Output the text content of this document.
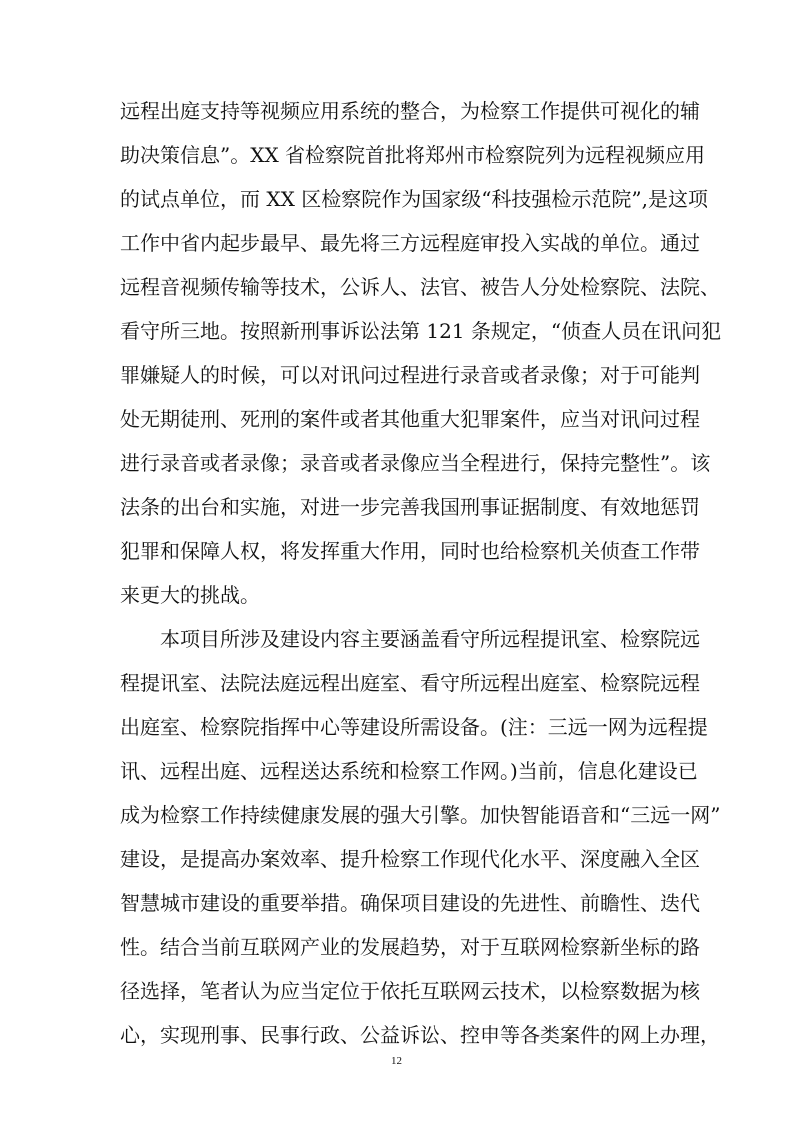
远程出庭支持等视频应用系统的整合，为检察工作提供可视化的辅
助决策信息”。XX 省检察院首批将郑州市检察院列为远程视频应用
的试点单位，而 XX 区检察院作为国家级“科技强检示范院”,是这项
工作中省内起步最早、最先将三方远程庭审投入实战的单位。通过
远程音视频传输等技术，公诉人、法官、被告人分处检察院、法院、
看守所三地。按照新刑事诉讼法第 121 条规定，“侦查人员在讯问犯
罪嫌疑人的时候，可以对讯问过程进行录音或者录像；对于可能判
处无期徒刑、死刑的案件或者其他重大犯罪案件，应当对讯问过程
进行录音或者录像；录音或者录像应当全程进行，保持完整性”。该
法条的出台和实施，对进一步完善我国刑事证据制度、有效地惩罚
犯罪和保障人权，将发挥重大作用，同时也给检察机关侦查工作带
来更大的挑战。
本项目所涉及建设内容主要涵盖看守所远程提讯室、检察院远
程提讯室、法院法庭远程出庭室、看守所远程出庭室、检察院远程
出庭室、检察院指挥中心等建设所需设备。(注：三远一网为远程提
讯、远程出庭、远程送达系统和检察工作网。)当前，信息化建设已
成为检察工作持续健康发展的强大引擎。加快智能语音和“三远一网”
建设，是提高办案效率、提升检察工作现代化水平、深度融入全区
智慧城市建设的重要举措。确保项目建设的先进性、前瞻性、迭代
性。结合当前互联网产业的发展趋势，对于互联网检察新坐标的路
径选择，笔者认为应当定位于依托互联网云技术，以检察数据为核
心，实现刑事、民事行政、公益诉讼、控申等各类案件的网上办理，
12
